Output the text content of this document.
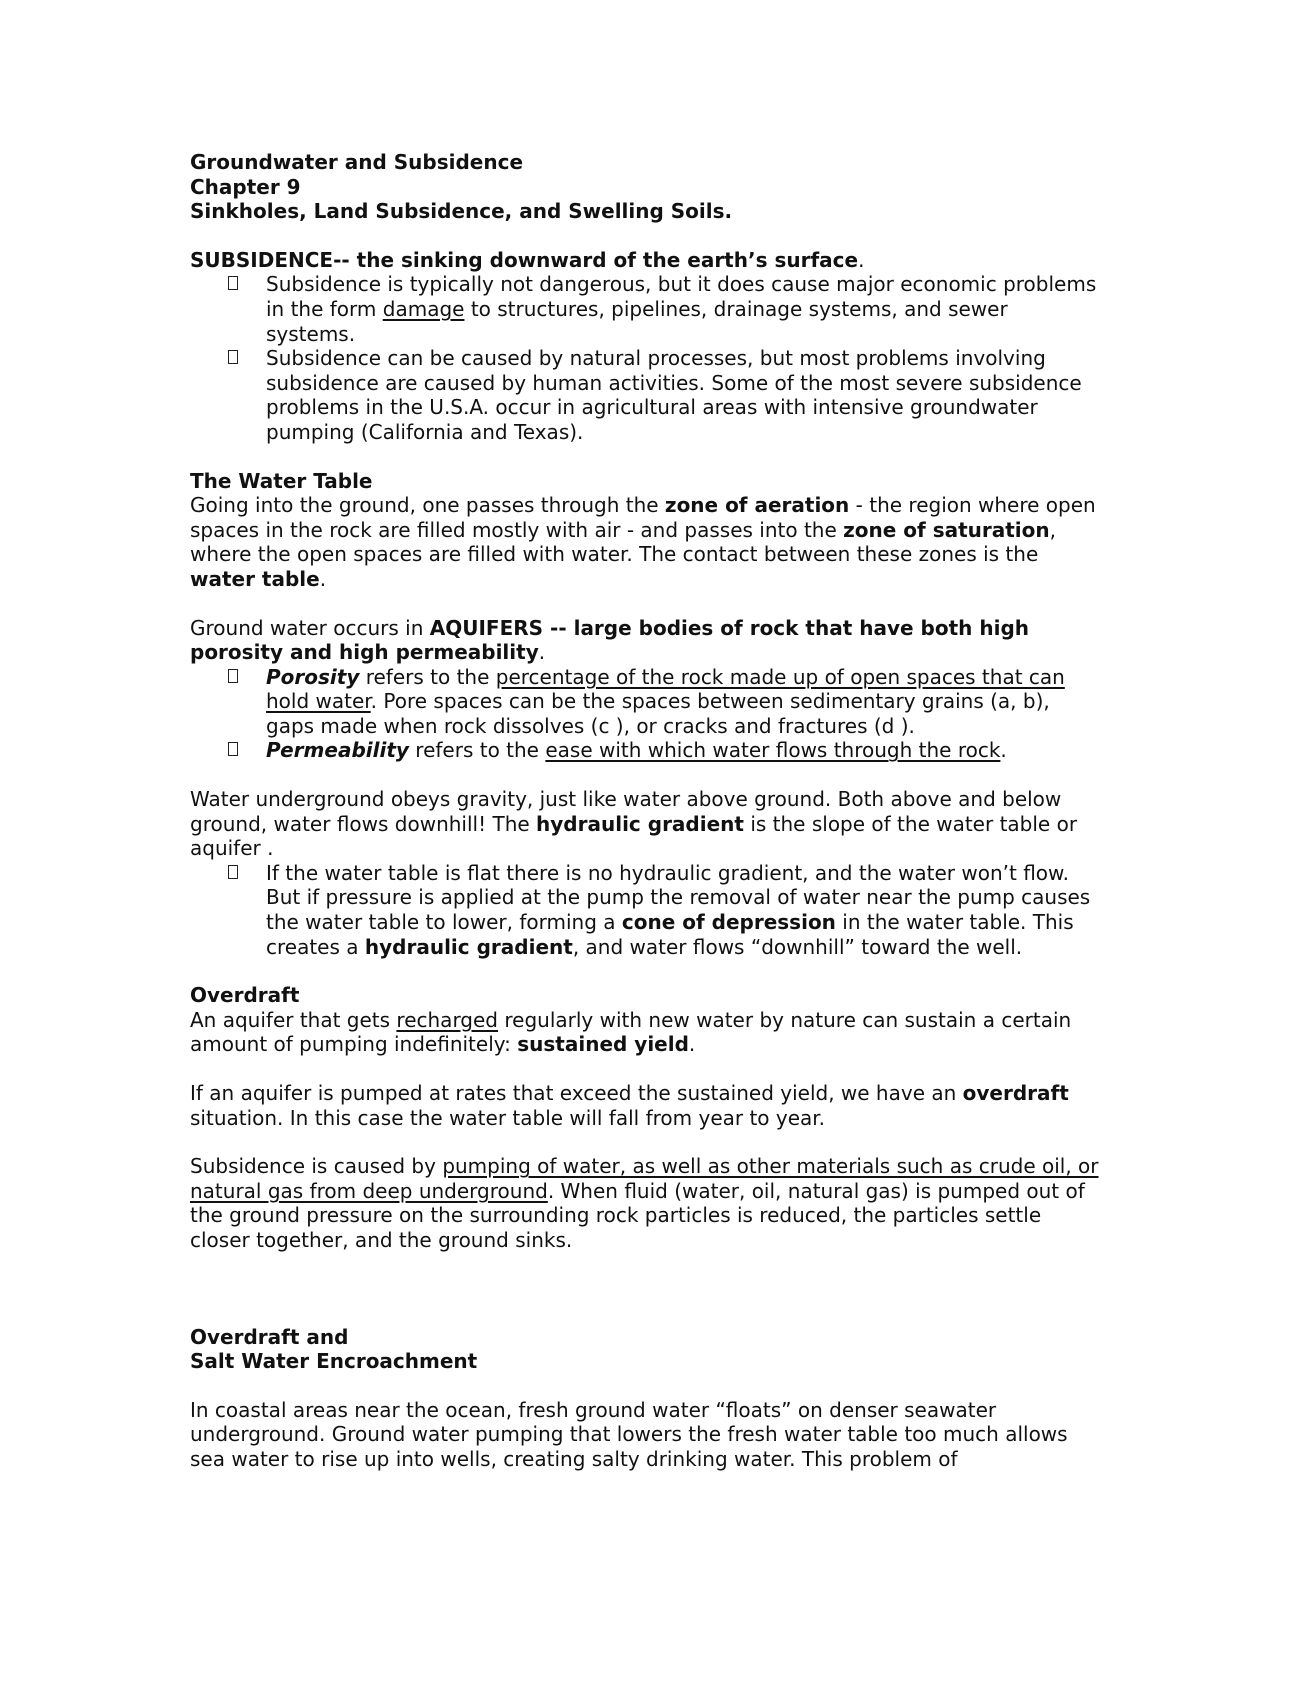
Groundwater and Subsidence
Chapter 9
Sinkholes, Land Subsidence, and Swelling Soils.

SUBSIDENCE-- the sinking downward of the earth’s surface.

Subsidence is typically not dangerous, but it does cause major economic problems in the form damage to structures, pipelines, drainage systems, and sewer systems.
Subsidence can be caused by natural processes, but most problems involving subsidence are caused by human activities. Some of the most severe subsidence problems in the U.S.A. occur in agricultural areas with intensive groundwater pumping (California and Texas).

The Water Table

Going into the ground, one passes through the zone of aeration - the region where open spaces in the rock are filled mostly with air - and passes into the zone of saturation, where the open spaces are filled with water. The contact between these zones is the water table.

Ground water occurs in AQUIFERS -- large bodies of rock that have both high porosity and high permeability.

Porosity refers to the percentage of the rock made up of open spaces that can hold water. Pore spaces can be the spaces between sedimentary grains (a, b), gaps made when rock dissolves (c ), or cracks and fractures (d ).
Permeability refers to the ease with which water flows through the rock.

Water underground obeys gravity, just like water above ground. Both above and below ground, water flows downhill! The hydraulic gradient is the slope of the water table or aquifer .

If the water table is flat there is no hydraulic gradient, and the water won’t flow. But if pressure is applied at the pump the removal of water near the pump causes the water table to lower, forming a cone of depression in the water table. This creates a hydraulic gradient, and water flows “downhill” toward the well.

Overdraft

An aquifer that gets recharged regularly with new water by nature can sustain a certain amount of pumping indefinitely: sustained yield.

If an aquifer is pumped at rates that exceed the sustained yield, we have an overdraft situation. In this case the water table will fall from year to year.

Subsidence is caused by pumping of water, as well as other materials such as crude oil, or natural gas from deep underground. When fluid (water, oil, natural gas) is pumped out of the ground pressure on the surrounding rock particles is reduced, the particles settle closer together, and the ground sinks.

Overdraft and
Salt Water Encroachment

In coastal areas near the ocean, fresh ground water “floats” on denser seawater underground. Ground water pumping that lowers the fresh water table too much allows sea water to rise up into wells, creating salty drinking water. This problem of
